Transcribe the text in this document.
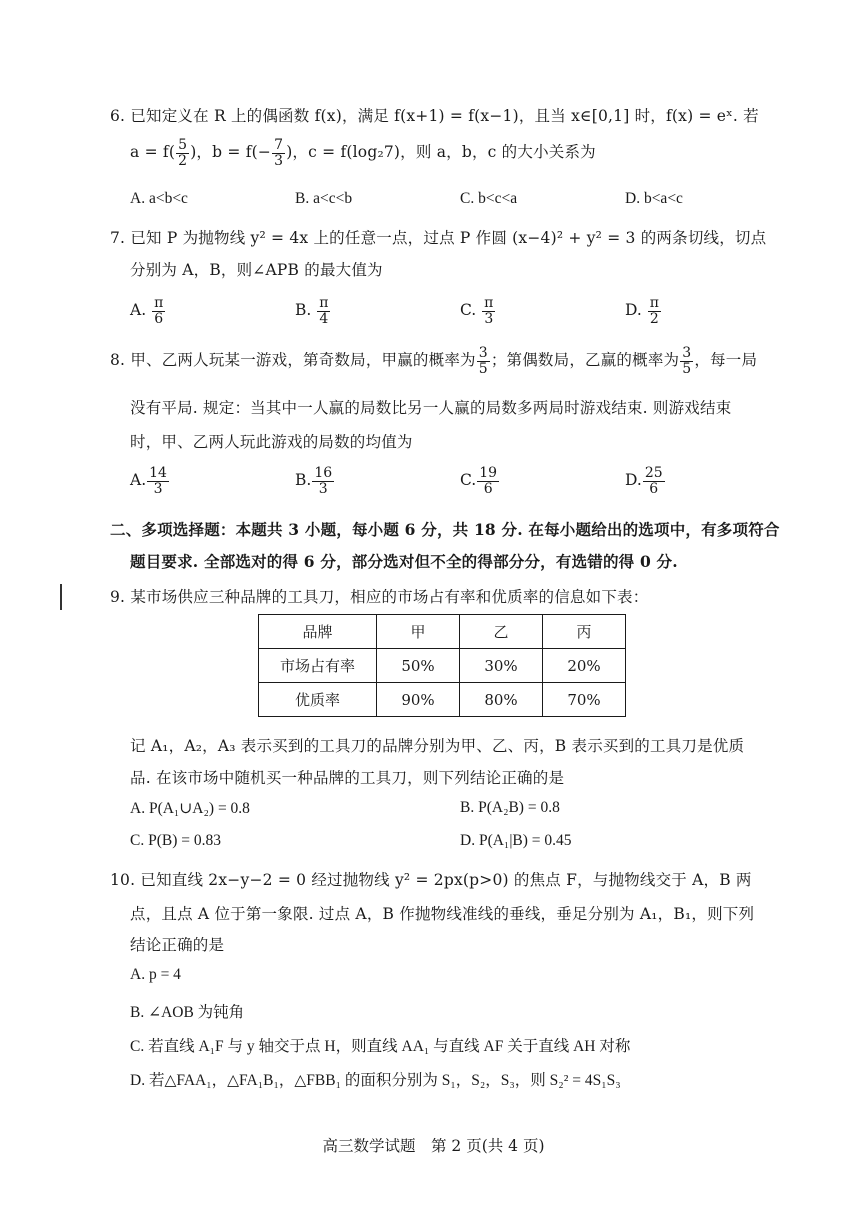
6. 已知定义在 R 上的偶函数 f(x)，满足 f(x+1) = f(x−1)，且当 x∈[0,1] 时，f(x) = eˣ. 若
$a = f( \frac{5}{2}$ )，$b = f(- \frac{7}{3}$ )，c = f(log₂7)，则 a，b，c 的大小关系为
A. a<b<c	B. a<c<b	C. b<c<a	D. b<a<c
7. 已知 P 为抛物线 y² = 4x 上的任意一点，过点 P 作圆 (x−4)² + y² = 3 的两条切线，切点
分别为 A，B，则∠APB 的最大值为
A. $\frac{\pi}{6}$	B. $\frac{\pi}{4}$	C. $\frac{\pi}{3}$	D. $\frac{\pi}{2}$
8. 甲、乙两人玩某一游戏，第奇数局，甲赢的概率为 $\frac{3}{5}$ ；第偶数局，乙赢的概率为 $\frac{3}{5}$ ，每一局
没有平局. 规定：当其中一人赢的局数比另一人赢的局数多两局时游戏结束. 则游戏结束
时，甲、乙两人玩此游戏的局数的均值为
A. $\frac{14}{3}$	B. $\frac{16}{3}$	C. $\frac{19}{6}$	D. $\frac{25}{6}$
二、多项选择题：本题共 3 小题，每小题 6 分，共 18 分. 在每小题给出的选项中，有多项符合
题目要求. 全部选对的得 6 分，部分选对但不全的得部分分，有选错的得 0 分.
9. 某市场供应三种品牌的工具刀，相应的市场占有率和优质率的信息如下表：
品牌	甲	乙	丙
市场占有率	50%	30%	20%
优质率	90%	80%	70%
记 A₁，A₂，A₃ 表示买到的工具刀的品牌分别为甲、乙、丙，B 表示买到的工具刀是优质
品. 在该市场中随机买一种品牌的工具刀，则下列结论正确的是
A. P(A₁∪A₂) = 0.8	B. P(A₂B) = 0.8
C. P(B) = 0.83	D. P(A₁|B) = 0.45
10. 已知直线 2x−y−2 = 0 经过抛物线 y² = 2px(p>0) 的焦点 F，与抛物线交于 A，B 两
点，且点 A 位于第一象限. 过点 A，B 作抛物线准线的垂线，垂足分别为 A₁，B₁，则下列
结论正确的是
A. p = 4
B. ∠AOB 为钝角
C. 若直线 A₁F 与 y 轴交于点 H，则直线 AA₁ 与直线 AF 关于直线 AH 对称
D. 若△FAA₁，△FA₁B₁，△FBB₁ 的面积分别为 S₁，S₂，S₃，则 S₂² = 4S₁S₃
高三数学试题　第 2 页(共 4 页)
